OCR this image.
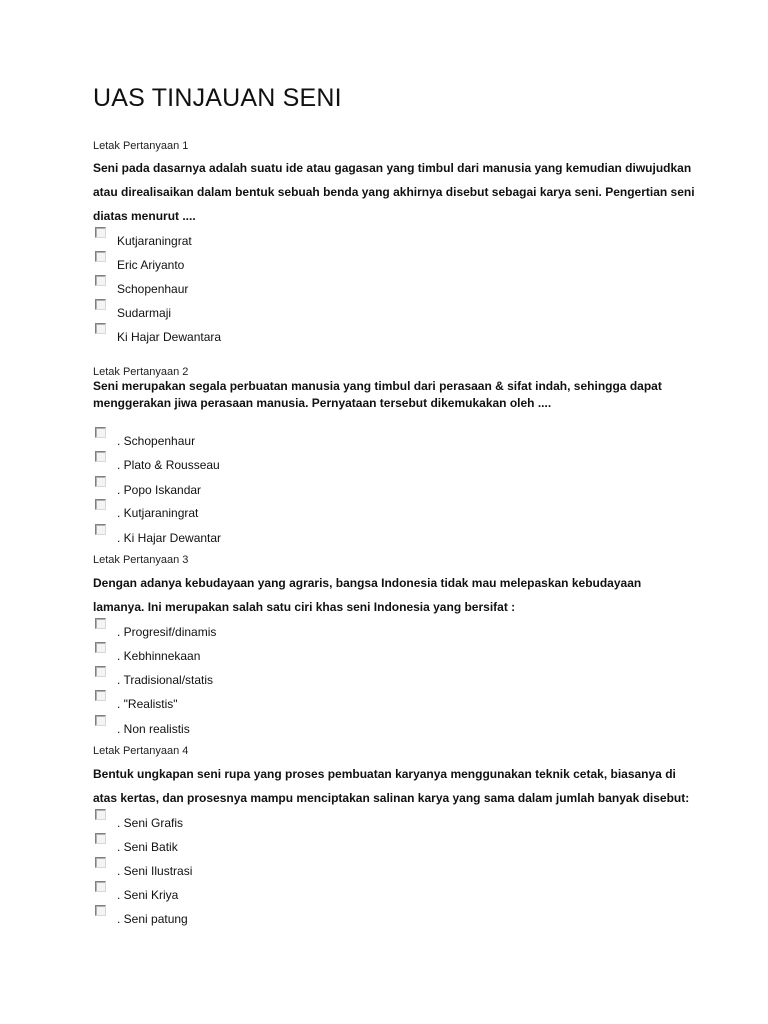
UAS TINJAUAN SENI
Letak Pertanyaan 1
Seni pada dasarnya adalah suatu ide atau gagasan yang timbul dari manusia yang kemudian diwujudkan
atau direalisaikan dalam bentuk sebuah benda yang akhirnya disebut sebagai karya seni. Pengertian seni
diatas menurut ....
Kutjaraningrat
Eric Ariyanto
Schopenhaur
Sudarmaji
Ki Hajar Dewantara
Letak Pertanyaan 2
Seni merupakan segala perbuatan manusia yang timbul dari perasaan & sifat indah, sehingga dapat
menggerakan jiwa perasaan manusia. Pernyataan tersebut dikemukakan oleh ....
. Schopenhaur
. Plato & Rousseau
. Popo Iskandar
. Kutjaraningrat
. Ki Hajar Dewantar
Letak Pertanyaan 3
Dengan adanya kebudayaan yang agraris, bangsa Indonesia tidak mau melepaskan kebudayaan
lamanya. Ini merupakan salah satu ciri khas seni Indonesia yang bersifat :
. Progresif/dinamis
. Kebhinnekaan
. Tradisional/statis
. "Realistis"
. Non realistis
Letak Pertanyaan 4
Bentuk ungkapan seni rupa yang proses pembuatan karyanya menggunakan teknik cetak, biasanya di
atas kertas, dan prosesnya mampu menciptakan salinan karya yang sama dalam jumlah banyak disebut:
. Seni Grafis
. Seni Batik
. Seni Ilustrasi
. Seni Kriya
. Seni patung
